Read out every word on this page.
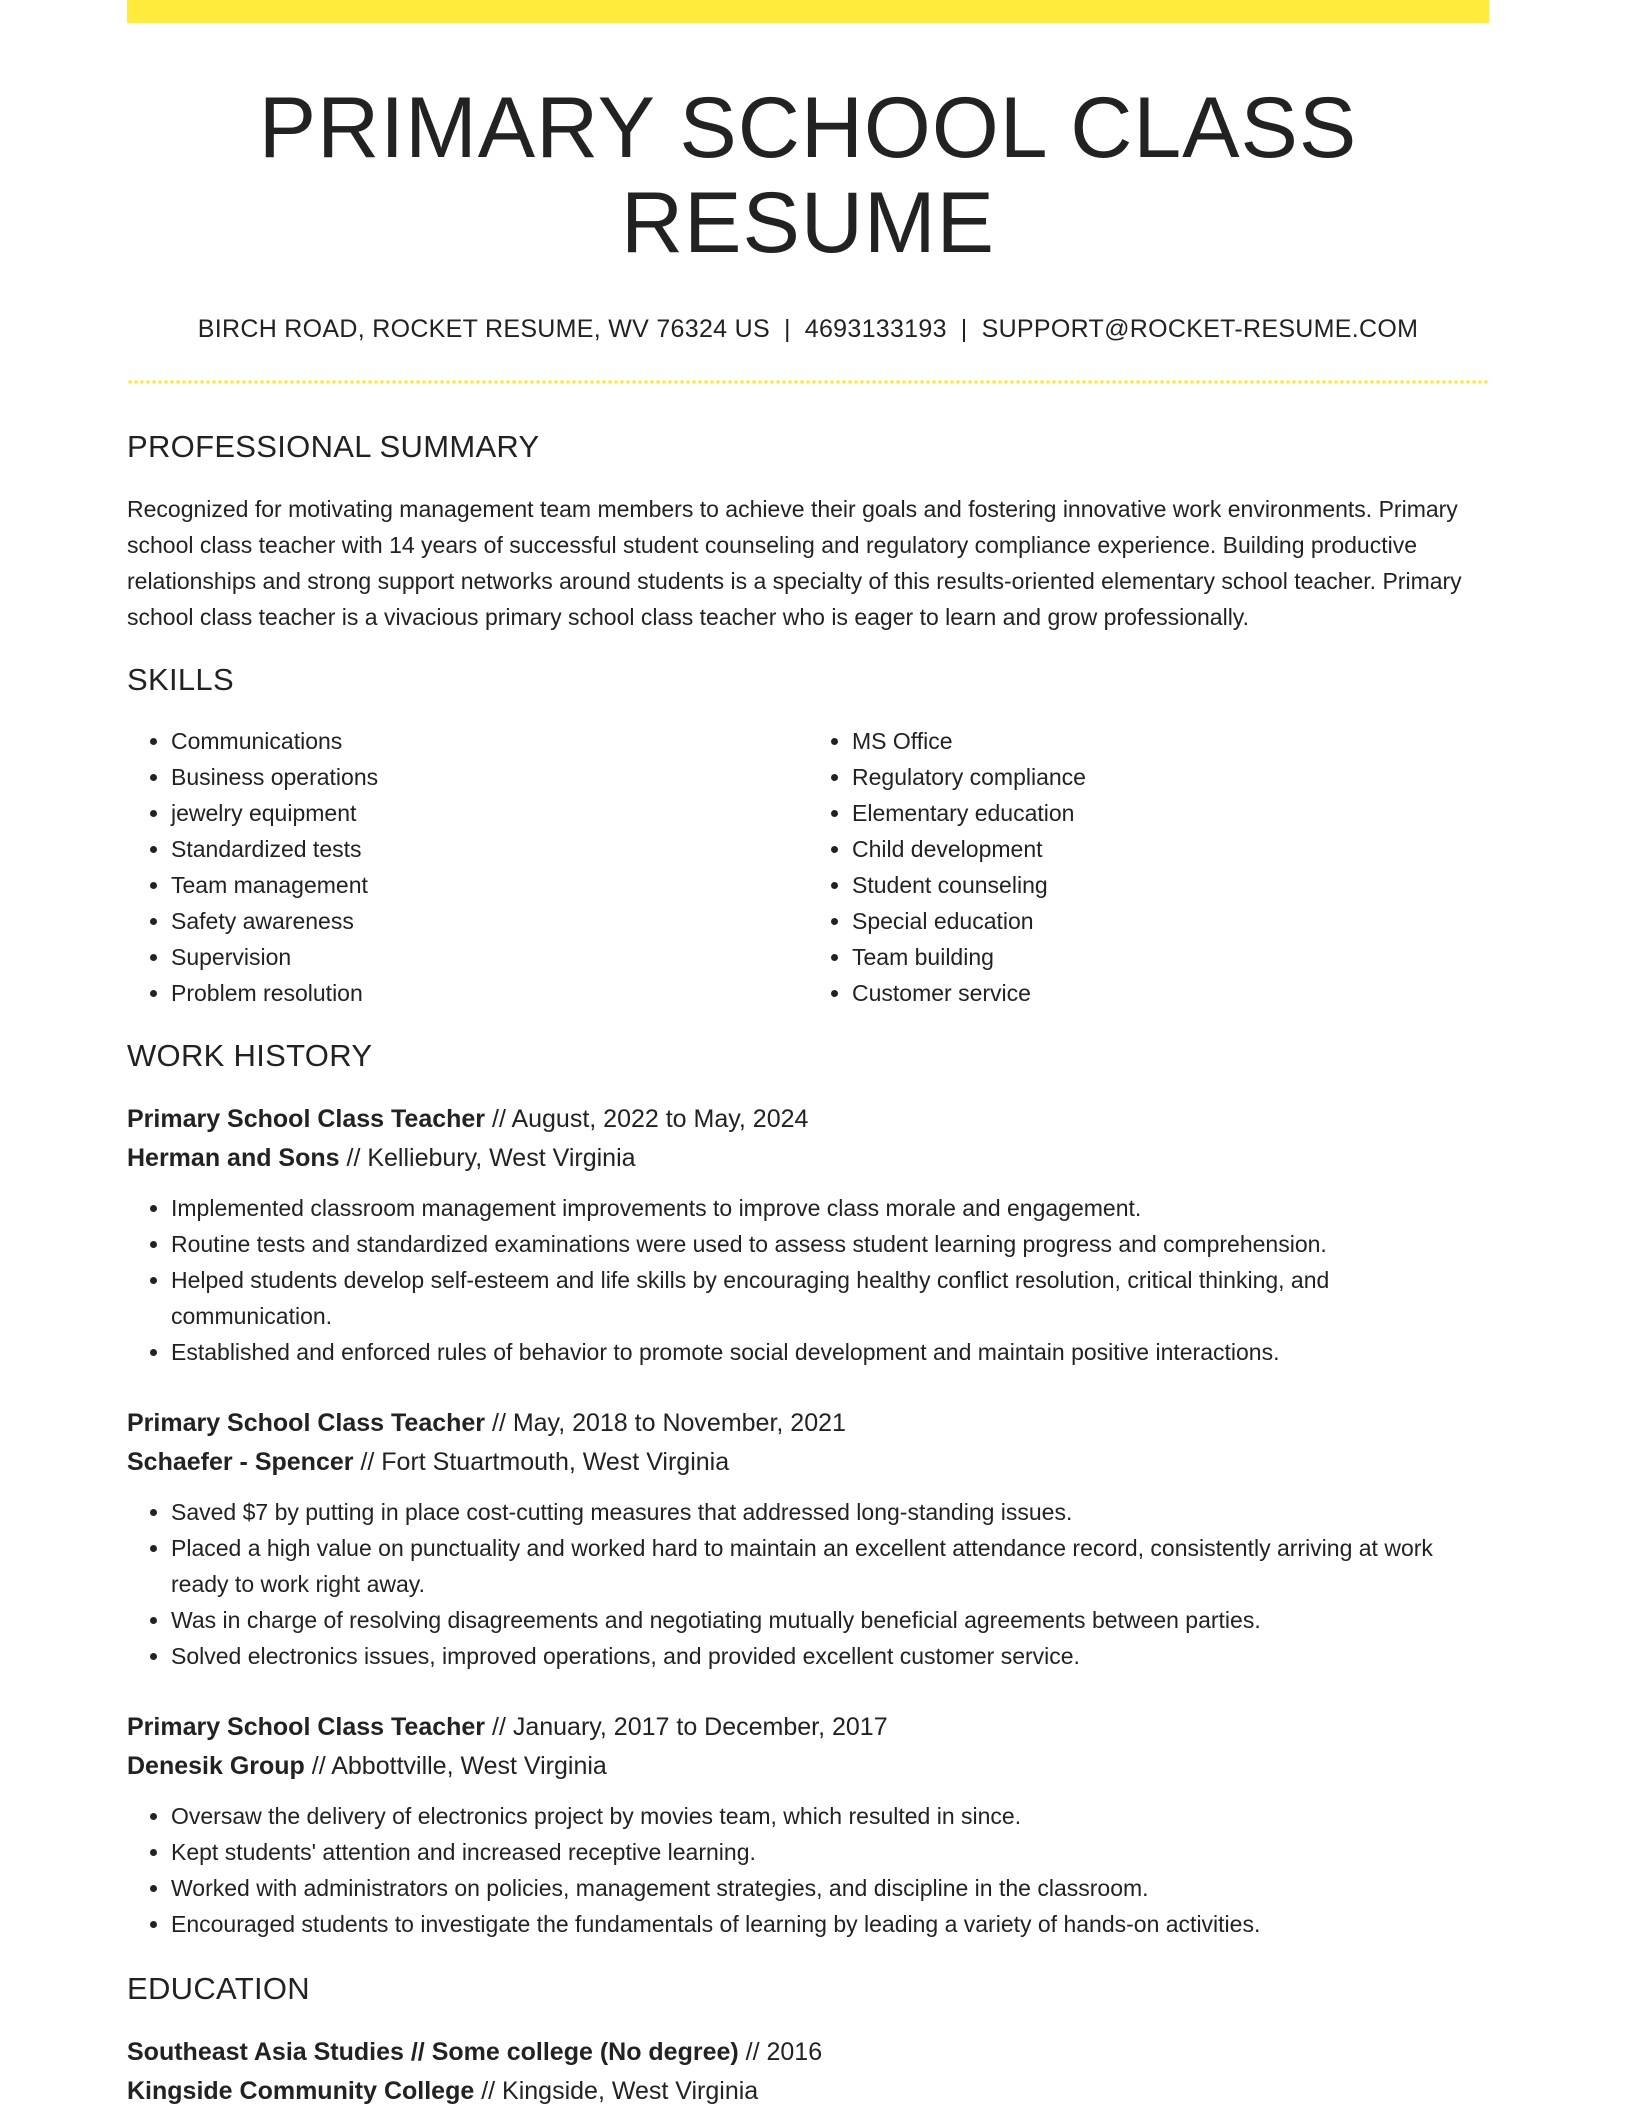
PRIMARY SCHOOL CLASS RESUME
BIRCH ROAD, ROCKET RESUME, WV 76324 US | 4693133193 | SUPPORT@ROCKET-RESUME.COM
PROFESSIONAL SUMMARY

Recognized for motivating management team members to achieve their goals and fostering innovative work environments. Primary school class teacher with 14 years of successful student counseling and regulatory compliance experience. Building productive relationships and strong support networks around students is a specialty of this results-oriented elementary school teacher. Primary school class teacher is a vivacious primary school class teacher who is eager to learn and grow professionally.

SKILLS
• Communications
• Business operations
• jewelry equipment
• Standardized tests
• Team management
• Safety awareness
• Supervision
• Problem resolution
• MS Office
• Regulatory compliance
• Elementary education
• Child development
• Student counseling
• Special education
• Team building
• Customer service
WORK HISTORY
Primary School Class Teacher // August, 2022 to May, 2024
Herman and Sons // Kelliebury, West Virginia
• Implemented classroom management improvements to improve class morale and engagement.
• Routine tests and standardized examinations were used to assess student learning progress and comprehension.
• Helped students develop self-esteem and life skills by encouraging healthy conflict resolution, critical thinking, and communication.
• Established and enforced rules of behavior to promote social development and maintain positive interactions.
Primary School Class Teacher // May, 2018 to November, 2021
Schaefer - Spencer // Fort Stuartmouth, West Virginia
• Saved $7 by putting in place cost-cutting measures that addressed long-standing issues.
• Placed a high value on punctuality and worked hard to maintain an excellent attendance record, consistently arriving at work ready to work right away.
• Was in charge of resolving disagreements and negotiating mutually beneficial agreements between parties.
• Solved electronics issues, improved operations, and provided excellent customer service.
Primary School Class Teacher // January, 2017 to December, 2017
Denesik Group // Abbottville, West Virginia
• Oversaw the delivery of electronics project by movies team, which resulted in since.
• Kept students' attention and increased receptive learning.
• Worked with administrators on policies, management strategies, and discipline in the classroom.
• Encouraged students to investigate the fundamentals of learning by leading a variety of hands-on activities.
EDUCATION
Southeast Asia Studies // Some college (No degree) // 2016
Kingside Community College // Kingside, West Virginia
